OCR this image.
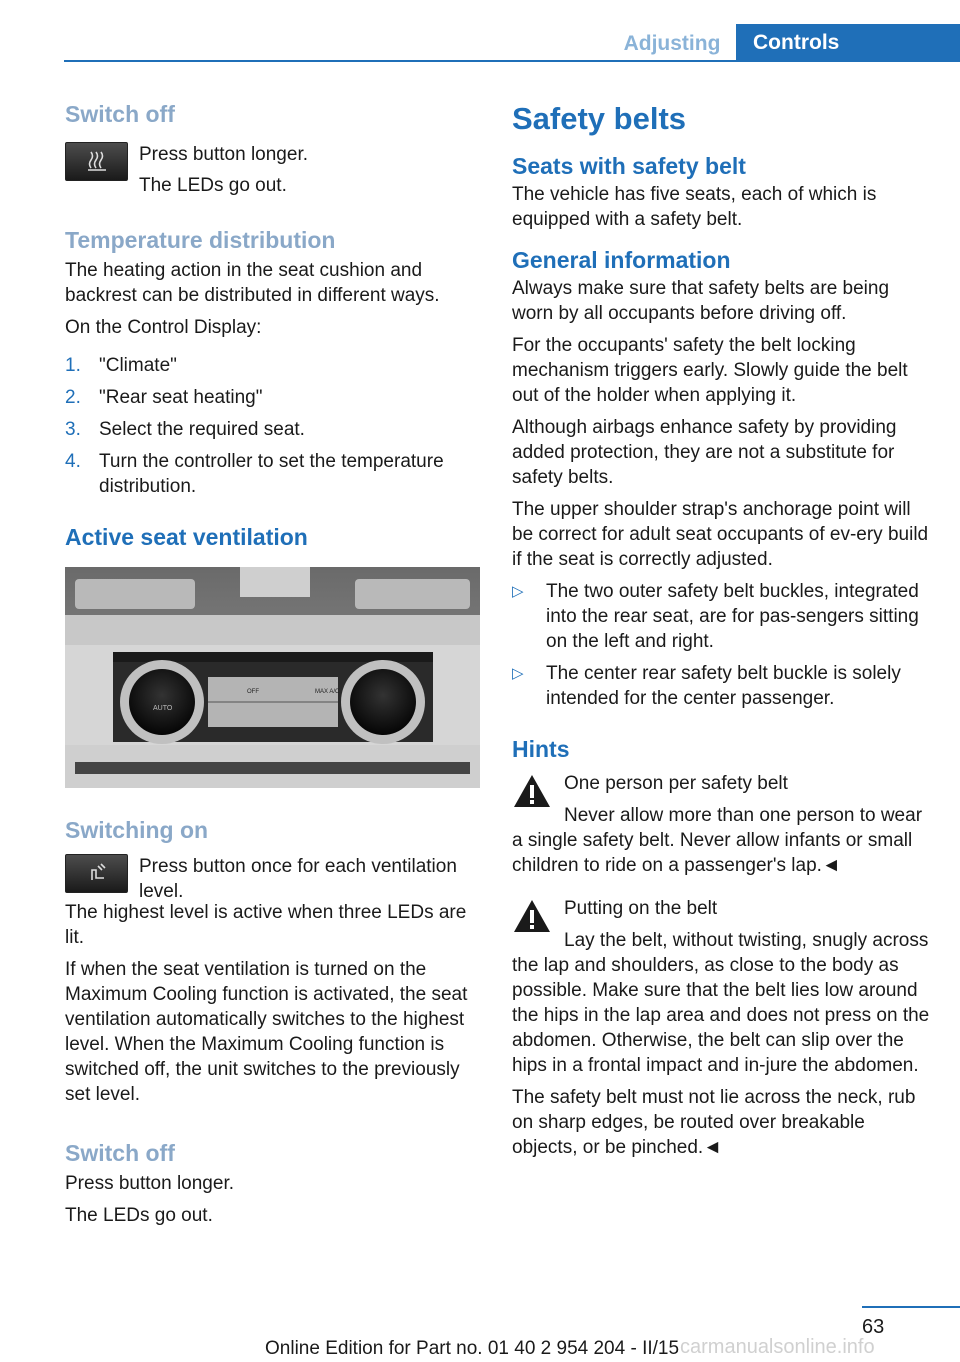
Adjusting	Controls
Switch off

Press button longer.

The LEDs go out.

Temperature distribution

The heating action in the seat cushion and backrest can be distributed in different ways.

On the Control Display:

1. "Climate"
2. "Rear seat heating"
3. Select the required seat.
4. Turn the controller to set the temperature distribution.
Active seat ventilation
AUTO
OFF	MAX A/C
Switching on

Press button once for each ventilation level.

The highest level is active when three LEDs are lit.

If when the seat ventilation is turned on the Maximum Cooling function is activated, the seat ventilation automatically switches to the highest level. When the Maximum Cooling function is switched off, the unit switches to the previously set level.

Switch off

Press button longer.

The LEDs go out.

Safety belts
Seats with safety belt

The vehicle has five seats, each of which is equipped with a safety belt.

General information

Always make sure that safety belts are being worn by all occupants before driving off.

For the occupants' safety the belt locking mechanism triggers early. Slowly guide the belt out of the holder when applying it.

Although airbags enhance safety by providing added protection, they are not a substitute for safety belts.

The upper shoulder strap's anchorage point will be correct for adult seat occupants of ev‐ery build if the seat is correctly adjusted.

▷ The two outer safety belt buckles, integrated into the rear seat, are for pas‐sengers sitting on the left and right.
▷ The center rear safety belt buckle is solely intended for the center passenger.
Hints

One person per safety belt

Never allow more than one person to wear a single safety belt. Never allow infants or small children to ride on a passenger's lap.◄

Putting on the belt

Lay the belt, without twisting, snugly across the lap and shoulders, as close to the body as possible. Make sure that the belt lies low around the hips in the lap area and does not press on the abdomen. Otherwise, the belt can slip over the hips in a frontal impact and in‐jure the abdomen.

The safety belt must not lie across the neck, rub on sharp edges, be routed over breakable objects, or be pinched.◄

63
Online Edition for Part no. 01 40 2 954 204 - II/15 carmanualsonline.info
